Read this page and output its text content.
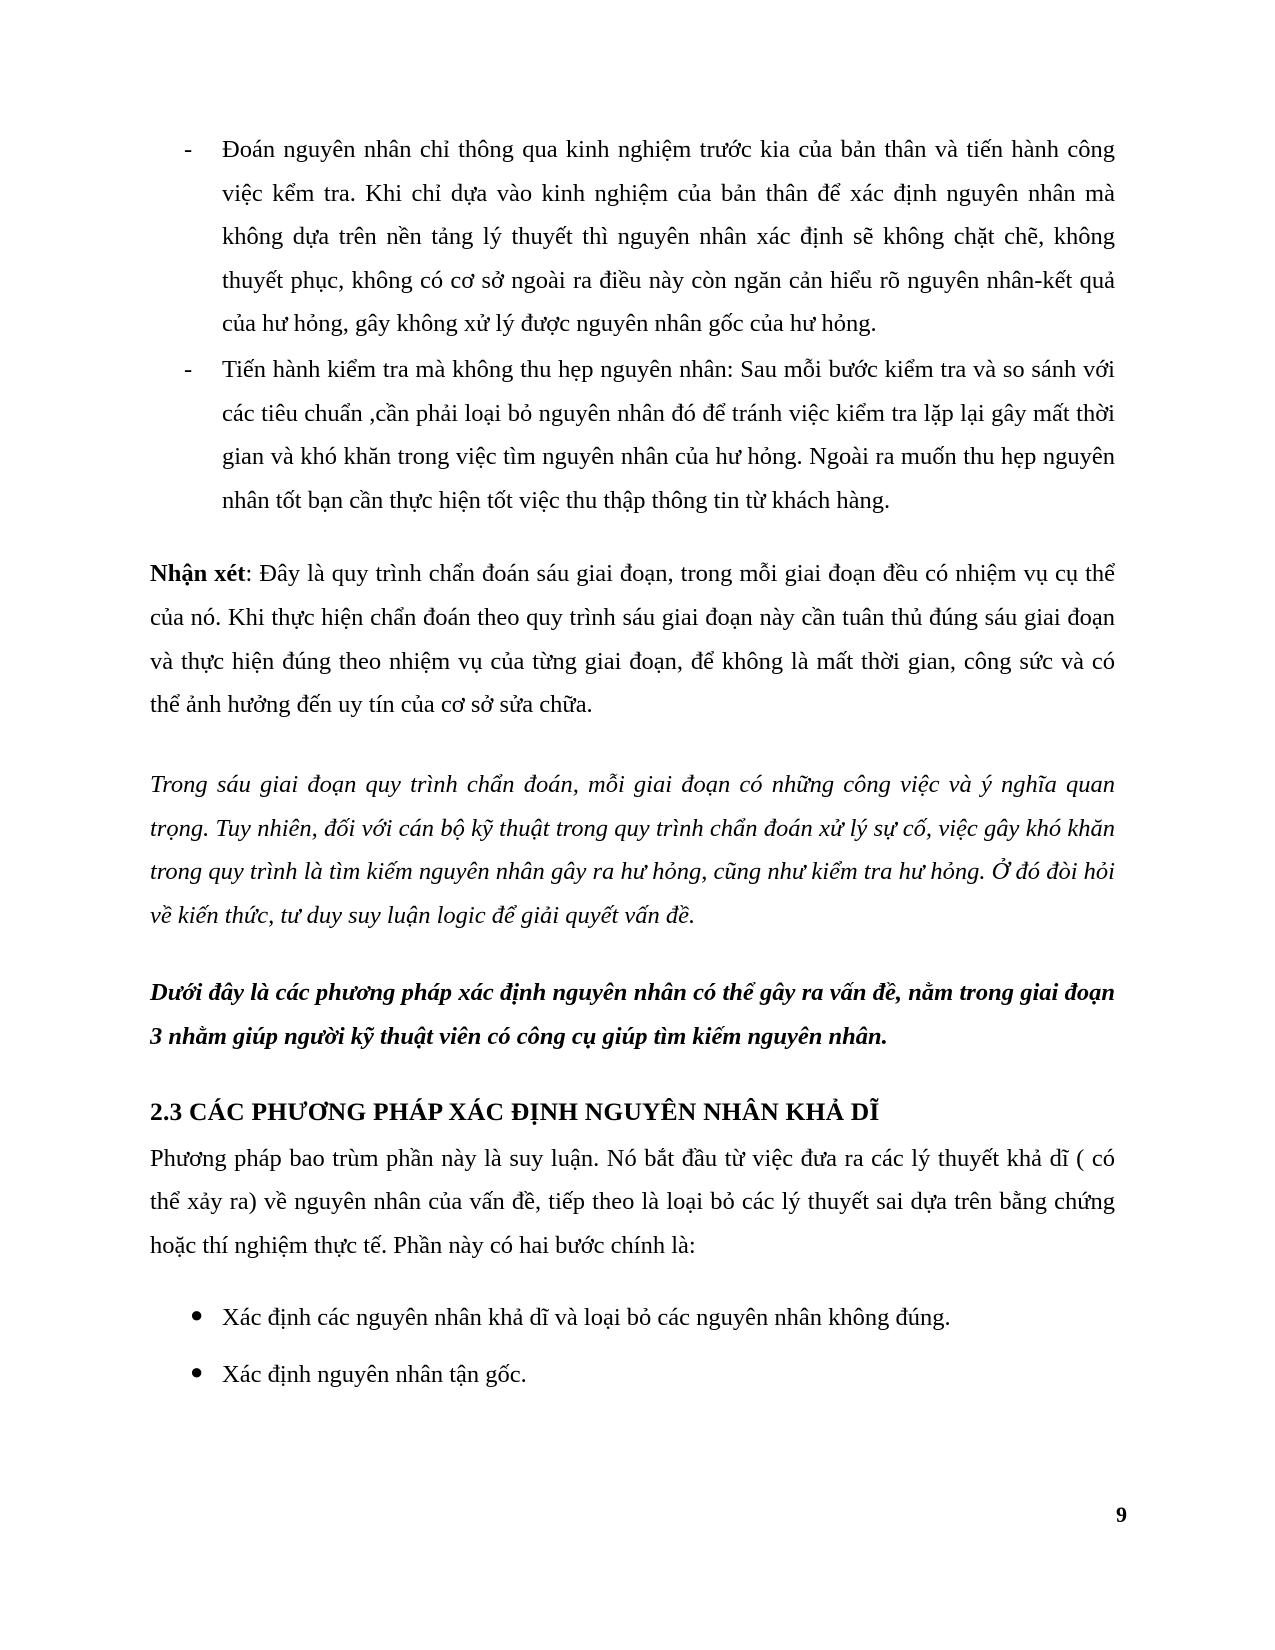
- Đoán nguyên nhân chỉ thông qua kinh nghiệm trước kia của bản thân và tiến hành công việc kểm tra. Khi chỉ dựa vào kinh nghiệm của bản thân để xác định nguyên nhân mà không dựa trên nền tảng lý thuyết thì nguyên nhân xác định sẽ không chặt chẽ, không thuyết phục, không có cơ sở ngoài ra điều này còn ngăn cản hiểu rõ nguyên nhân-kết quả của hư hỏng, gây không xử lý được nguyên nhân gốc của hư hỏng.
- Tiến hành kiểm tra mà không thu hẹp nguyên nhân: Sau mỗi bước kiểm tra và so sánh với các tiêu chuẩn ,cần phải loại bỏ nguyên nhân đó để tránh việc kiểm tra lặp lại gây mất thời gian và khó khăn trong việc tìm nguyên nhân của hư hỏng. Ngoài ra muốn thu hẹp nguyên nhân tốt bạn cần thực hiện tốt việc thu thập thông tin từ khách hàng.

Nhận xét: Đây là quy trình chẩn đoán sáu giai đoạn, trong mỗi giai đoạn đều có nhiệm vụ cụ thể của nó. Khi thực hiện chẩn đoán theo quy trình sáu giai đoạn này cần tuân thủ đúng sáu giai đoạn và thực hiện đúng theo nhiệm vụ của từng giai đoạn, để không là mất thời gian, công sức và có thể ảnh hưởng đến uy tín của cơ sở sửa chữa.

Trong sáu giai đoạn quy trình chẩn đoán, mỗi giai đoạn có những công việc và ý nghĩa quan trọng. Tuy nhiên, đối với cán bộ kỹ thuật trong quy trình chẩn đoán xử lý sự cố, việc gây khó khăn trong quy trình là tìm kiếm nguyên nhân gây ra hư hỏng, cũng như kiểm tra hư hỏng. Ở đó đòi hỏi về kiến thức, tư duy suy luận logic để giải quyết vấn đề.

Dưới đây là các phương pháp xác định nguyên nhân có thể gây ra vấn đề, nằm trong giai đoạn 3 nhằm giúp người kỹ thuật viên có công cụ giúp tìm kiếm nguyên nhân.

2.3 CÁC PHƯƠNG PHÁP XÁC ĐỊNH NGUYÊN NHÂN KHẢ DĨ

Phương pháp bao trùm phần này là suy luận. Nó bắt đầu từ việc đưa ra các lý thuyết khả dĩ ( có thể xảy ra) về nguyên nhân của vấn đề, tiếp theo là loại bỏ các lý thuyết sai dựa trên bằng chứng hoặc thí nghiệm thực tế. Phần này có hai bước chính là:

● Xác định các nguyên nhân khả dĩ và loại bỏ các nguyên nhân không đúng.
● Xác định nguyên nhân tận gốc.
9
